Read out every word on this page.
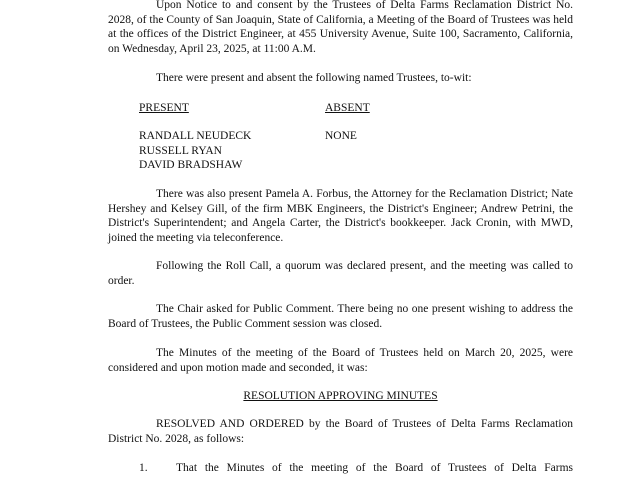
Upon Notice to and consent by the Trustees of Delta Farms Reclamation District No. 2028, of the County of San Joaquin, State of California, a Meeting of the Board of Trustees was held at the offices of the District Engineer, at 455 University Avenue, Suite 100, Sacramento, California, on Wednesday, April 23, 2025, at 11:00 A.M.

There were present and absent the following named Trustees, to-wit:

PRESENT	ABSENT
RANDALL NEUDECK
RUSSELL RYAN
DAVID BRADSHAW
NONE

There was also present Pamela A. Forbus, the Attorney for the Reclamation District; Nate Hershey and Kelsey Gill, of the firm MBK Engineers, the District's Engineer; Andrew Petrini, the District's Superintendent; and Angela Carter, the District's bookkeeper. Jack Cronin, with MWD, joined the meeting via teleconference.

Following the Roll Call, a quorum was declared present, and the meeting was called to order.

The Chair asked for Public Comment. There being no one present wishing to address the Board of Trustees, the Public Comment session was closed.

The Minutes of the meeting of the Board of Trustees held on March 20, 2025, were considered and upon motion made and seconded, it was:

RESOLUTION APPROVING MINUTES

RESOLVED AND ORDERED by the Board of Trustees of Delta Farms Reclamation District No. 2028, as follows:

1. That the Minutes of the meeting of the Board of Trustees of Delta Farms
